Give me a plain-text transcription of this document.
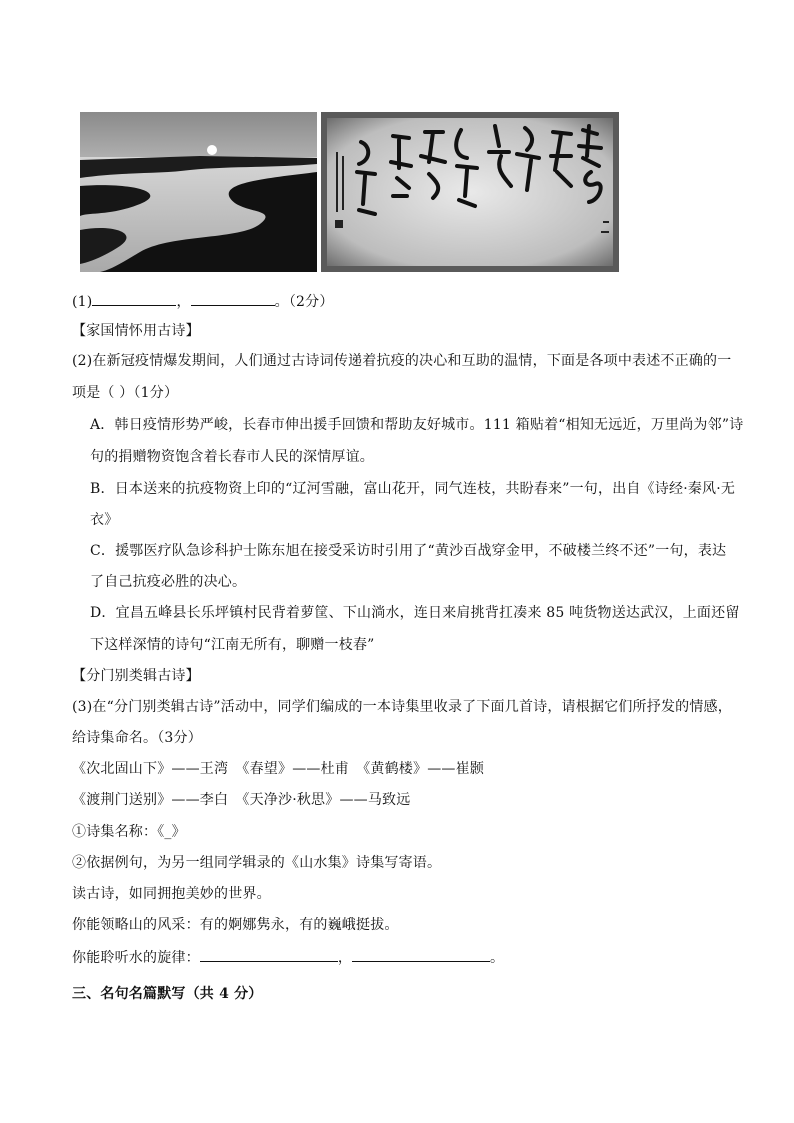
(1)	，	。（2分）
【家国情怀用古诗】
(2)在新冠疫情爆发期间，人们通过古诗词传递着抗疫的决心和互助的温情，下面是各项中表述不正确的一
项是（ ）（1分）
A．韩日疫情形势严峻，长春市伸出援手回馈和帮助友好城市。111 箱贴着“相知无远近，万里尚为邻”诗
句的捐赠物资饱含着长春市人民的深情厚谊。
B．日本送来的抗疫物资上印的“辽河雪融，富山花开，同气连枝，共盼春来”一句，出自《诗经·秦风·无
衣》
C．援鄂医疗队急诊科护士陈东旭在接受采访时引用了“黄沙百战穿金甲，不破楼兰终不还”一句，表达
了自己抗疫必胜的决心。
D．宜昌五峰县长乐坪镇村民背着萝筐、下山淌水，连日来肩挑背扛凑来 85 吨货物送达武汉，上面还留
下这样深情的诗句“江南无所有，聊赠一枝春”
【分门别类辑古诗】
(3)在“分门别类辑古诗”活动中，同学们编成的一本诗集里收录了下面几首诗，请根据它们所抒发的情感，
给诗集命名。（3分）
《次北固山下》——王湾　《春望》——杜甫　《黄鹤楼》——崔颢
《渡荆门送别》——李白　《天净沙·秋思》——马致远
①诗集名称：《_》
②依据例句，为另一组同学辑录的《山水集》诗集写寄语。
读古诗，如同拥抱美妙的世界。
你能领略山的风采：有的婀娜隽永，有的巍峨挺拔。
你能聆听水的旋律：	，	。
三、名句名篇默写（共 4 分）
